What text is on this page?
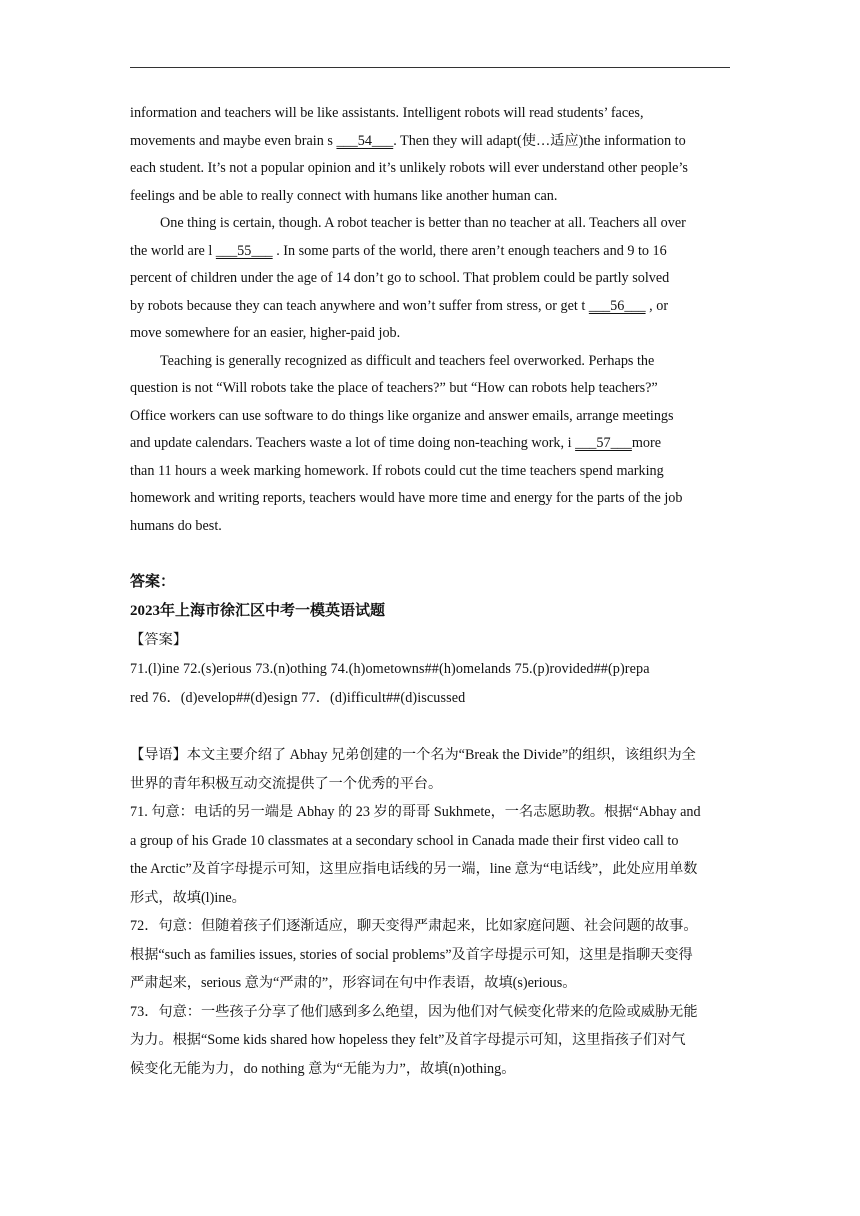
information and teachers will be like assistants. Intelligent robots will read students’ faces,
movements and maybe even brain s ___54___. Then they will adapt(使…适应)the information to
each student. It’s not a popular opinion and it’s unlikely robots will ever understand other people’s
feelings and be able to really connect with humans like another human can.
One thing is certain, though. A robot teacher is better than no teacher at all. Teachers all over
the world are l ___55___ . In some parts of the world, there aren’t enough teachers and 9 to 16
percent of children under the age of 14 don’t go to school. That problem could be partly solved
by robots because they can teach anywhere and won’t suffer from stress, or get t ___56___ , or
move somewhere for an easier, higher-paid job.
Teaching is generally recognized as difficult and teachers feel overworked. Perhaps the
question is not “Will robots take the place of teachers?” but “How can robots help teachers?”
Office workers can use software to do things like organize and answer emails, arrange meetings
and update calendars. Teachers waste a lot of time doing non-teaching work, i ___57___more
than 11 hours a week marking homework. If robots could cut the time teachers spend marking
homework and writing reports, teachers would have more time and energy for the parts of the job
humans do best.
答案：
2023年上海市徐汇区中考一模英语试题
【答案】
71.(l)ine 72.(s)erious 73.(n)othing 74.(h)ometowns##(h)omelands 75.(p)rovided##(p)repa
red 76．(d)evelop##(d)esign 77．(d)ifficult##(d)iscussed
【导语】本文主要介绍了 Abhay 兄弟创建的一个名为“Break the Divide”的组织，该组织为全
世界的青年积极互动交流提供了一个优秀的平台。
71. 句意：电话的另一端是 Abhay 的 23 岁的哥哥 Sukhmete，一名志愿助教。根据“Abhay and
a group of his Grade 10 classmates at a secondary school in Canada made their first video call to
the Arctic”及首字母提示可知，这里应指电话线的另一端，line 意为“电话线”，此处应用单数
形式，故填(l)ine。
72．句意：但随着孩子们逐渐适应，聊天变得严肃起来，比如家庭问题、社会问题的故事。
根据“such as families issues, stories of social problems”及首字母提示可知，这里是指聊天变得
严肃起来，serious 意为“严肃的”，形容词在句中作表语，故填(s)erious。
73．句意：一些孩子分享了他们感到多么绝望，因为他们对气候变化带来的危险或威胁无能
为力。根据“Some kids shared how hopeless they felt”及首字母提示可知，这里指孩子们对气
候变化无能为力，do nothing 意为“无能为力”，故填(n)othing。
